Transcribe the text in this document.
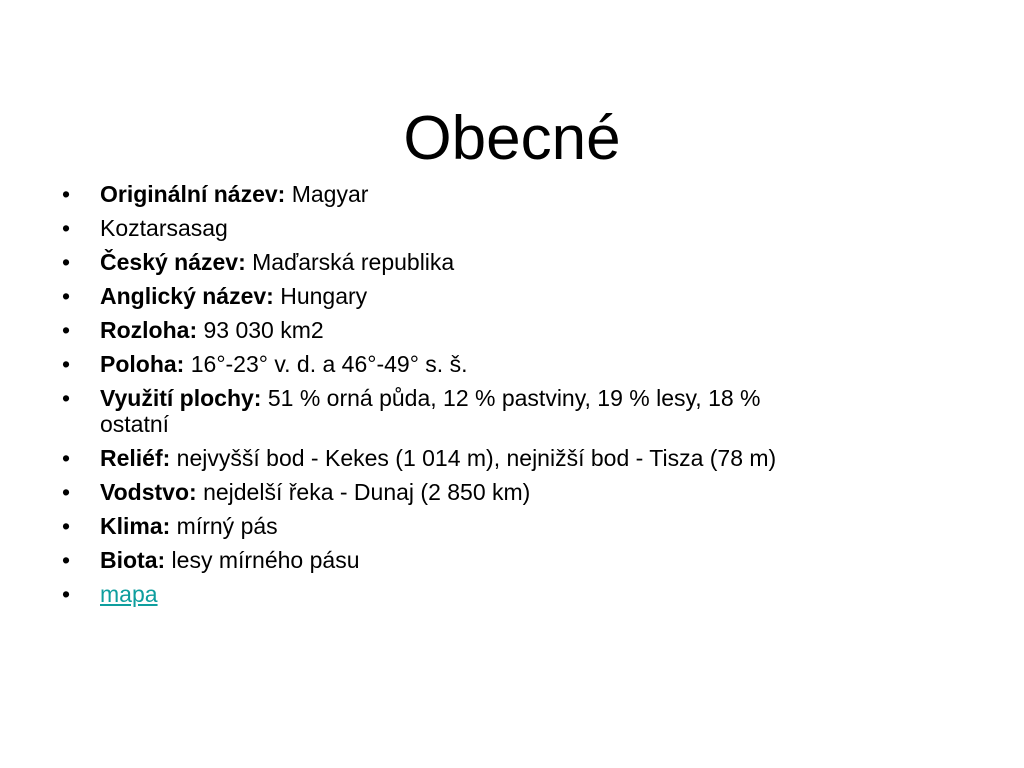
Obecné
• Originální název: Magyar
• Koztarsasag
• Český název: Maďarská republika
• Anglický název: Hungary
• Rozloha: 93 030 km2
• Poloha: 16°-23° v. d. a 46°-49° s. š.
• Využití plochy: 51 % orná půda, 12 % pastviny, 19 % lesy, 18 % ostatní
• Reliéf: nejvyšší bod - Kekes (1 014 m), nejnižší bod - Tisza (78 m)
• Vodstvo: nejdelší řeka - Dunaj (2 850 km)
• Klima: mírný pás
• Biota: lesy mírného pásu
• mapa
